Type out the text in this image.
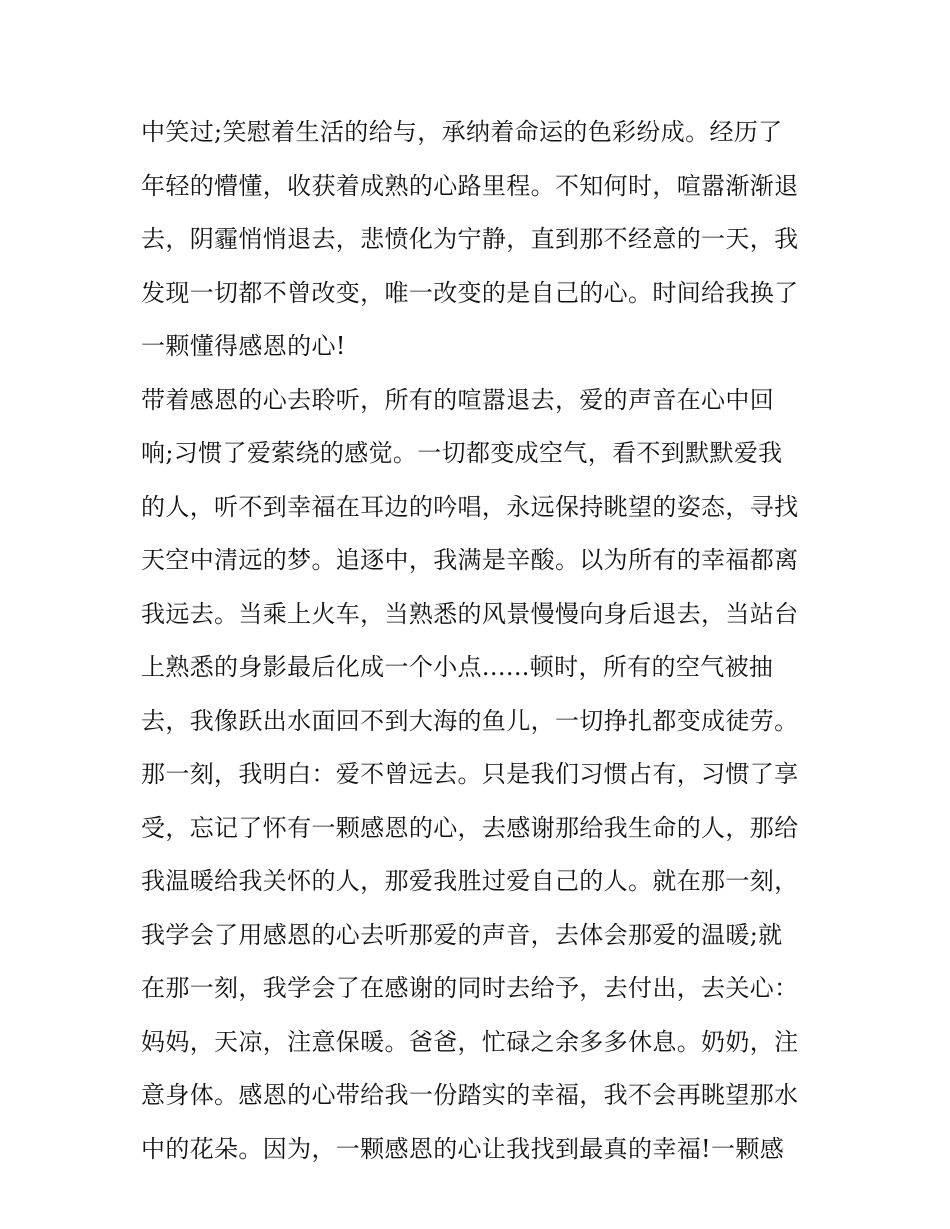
中笑过;笑慰着生活的给与，承纳着命运的色彩纷成。经历了
年轻的懵懂，收获着成熟的心路里程。不知何时，喧嚣渐渐退
去，阴霾悄悄退去，悲愤化为宁静，直到那不经意的一天，我
发现一切都不曾改变，唯一改变的是自己的心。时间给我换了
一颗懂得感恩的心!
带着感恩的心去聆听，所有的喧嚣退去，爱的声音在心中回
响;习惯了爱萦绕的感觉。一切都变成空气，看不到默默爱我
的人，听不到幸福在耳边的吟唱，永远保持眺望的姿态，寻找
天空中清远的梦。追逐中，我满是辛酸。以为所有的幸福都离
我远去。当乘上火车，当熟悉的风景慢慢向身后退去，当站台
上熟悉的身影最后化成一个小点......顿时，所有的空气被抽
去，我像跃出水面回不到大海的鱼儿，一切挣扎都变成徒劳。
那一刻，我明白：爱不曾远去。只是我们习惯占有，习惯了享
受，忘记了怀有一颗感恩的心，去感谢那给我生命的人，那给
我温暖给我关怀的人，那爱我胜过爱自己的人。就在那一刻，
我学会了用感恩的心去听那爱的声音，去体会那爱的温暖;就
在那一刻，我学会了在感谢的同时去给予，去付出，去关心：
妈妈，天凉，注意保暖。爸爸，忙碌之余多多休息。奶奶，注
意身体。感恩的心带给我一份踏实的幸福，我不会再眺望那水
中的花朵。因为，一颗感恩的心让我找到最真的幸福!一颗感
